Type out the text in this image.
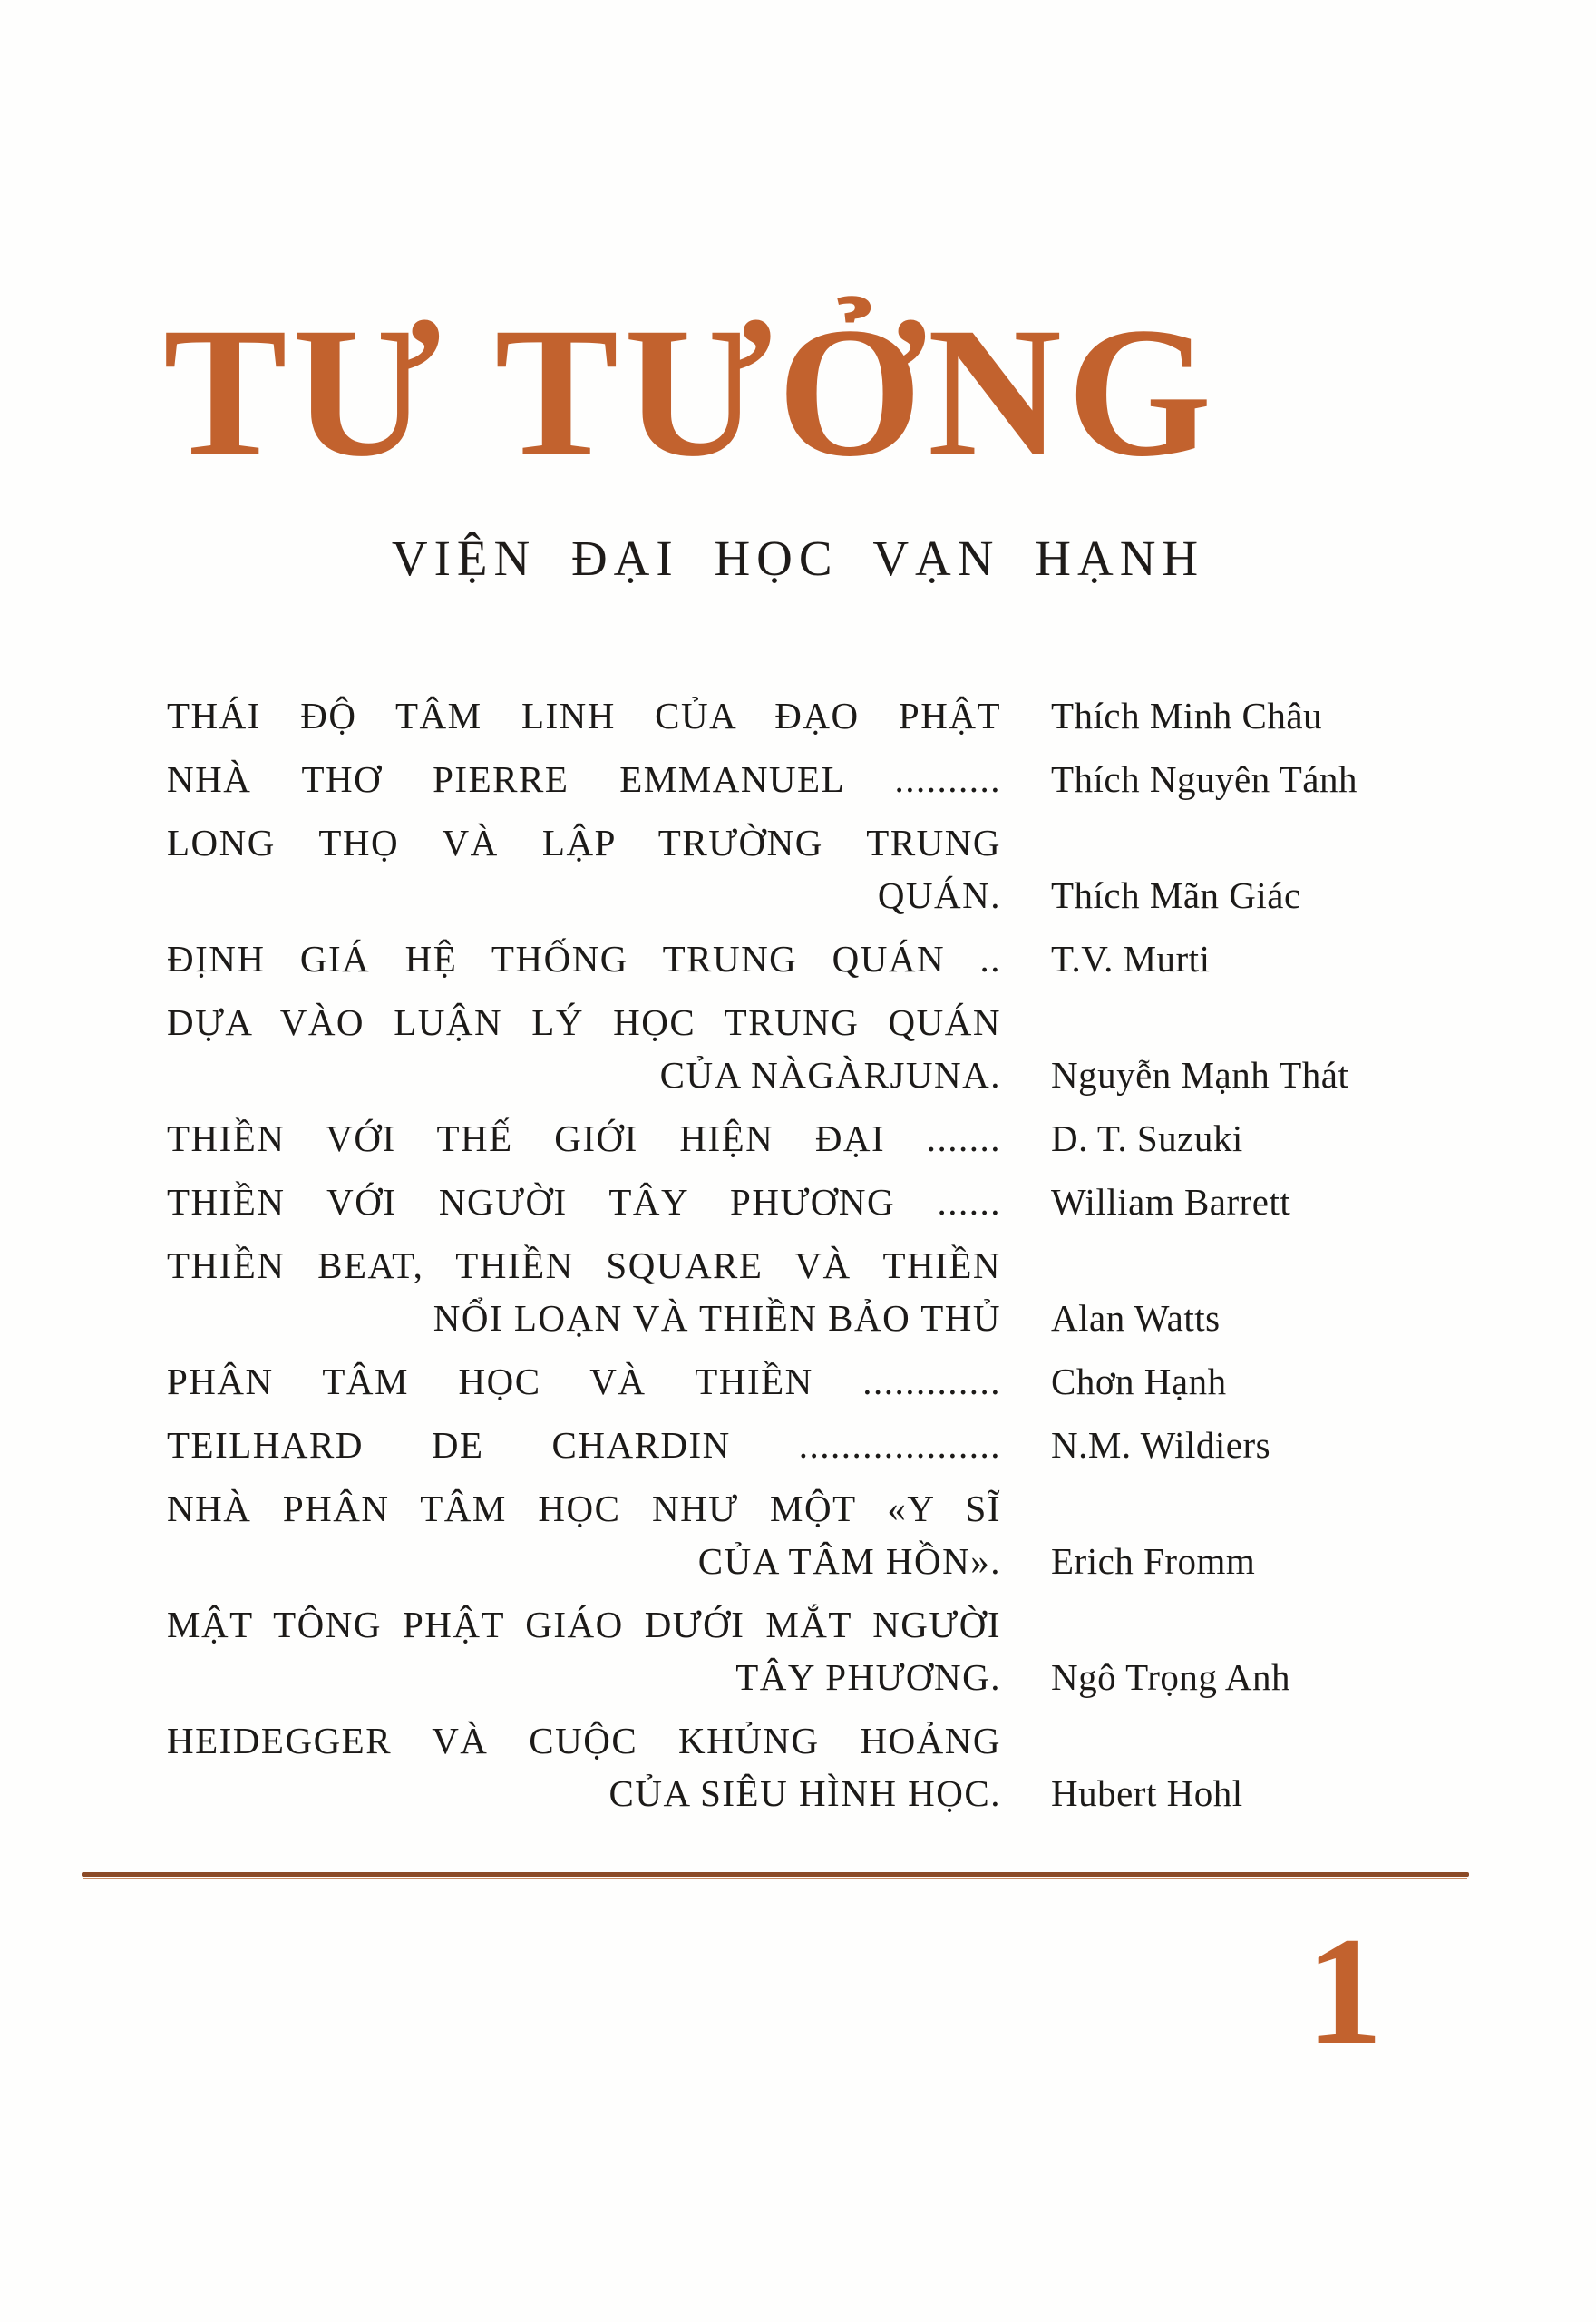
TƯ TƯỞNG
VIỆN ĐẠI HỌC VẠN HẠNH
THÁI ĐỘ TÂM LINH CỦA ĐẠO PHẬT Thích Minh Châu
NHÀ THƠ PIERRE EMMANUEL .......... Thích Nguyên Tánh
LONG THỌ VÀ LẬP TRƯỜNG TRUNG
QUÁN. Thích Mãn Giác
ĐỊNH GIÁ HỆ THỐNG TRUNG QUÁN .. T.V. Murti
DỰA VÀO LUẬN LÝ HỌC TRUNG QUÁN
CỦA NÀGÀRJUNA. Nguyễn Mạnh Thát
THIỀN VỚI THẾ GIỚI HIỆN ĐẠI ....... D. T. Suzuki
THIỀN VỚI NGƯỜI TÂY PHƯƠNG ...... William Barrett
THIỀN BEAT, THIỀN SQUARE VÀ THIỀN
NỔI LOẠN VÀ THIỀN BẢO THỦ Alan Watts
PHÂN TÂM HỌC VÀ THIỀN ............. Chơn Hạnh
TEILHARD DE CHARDIN ................... N.M. Wildiers
NHÀ PHÂN TÂM HỌC NHƯ MỘT «Y SĨ
CỦA TÂM HỒN». Erich Fromm
MẬT TÔNG PHẬT GIÁO DƯỚI MẮT NGƯỜI
TÂY PHƯƠNG. Ngô Trọng Anh
HEIDEGGER VÀ CUỘC KHỦNG HOẢNG
CỦA SIÊU HÌNH HỌC. Hubert Hohl
1
